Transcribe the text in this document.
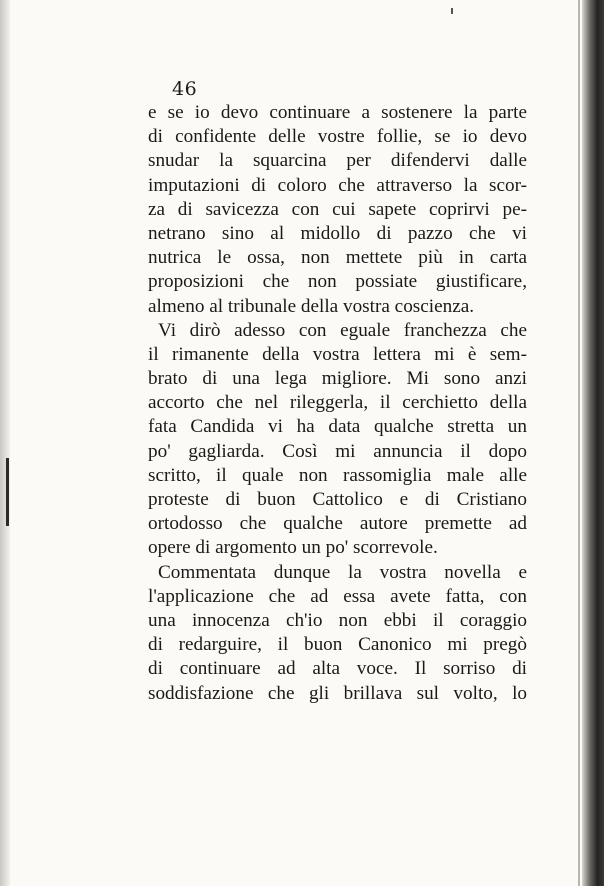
46
e se io devo continuare a sostenere la parte
di confidente delle vostre follie, se io devo
snudar la squarcina per difendervi dalle
imputazioni di coloro che attraverso la scor-
za di savicezza con cui sapete coprirvi pe-
netrano sino al midollo di pazzo che vi
nutrica le ossa, non mettete più in carta
proposizioni che non possiate giustificare,
almeno al tribunale della vostra coscienza.
Vi dirò adesso con eguale franchezza che
il rimanente della vostra lettera mi è sem-
brato di una lega migliore. Mi sono anzi
accorto che nel rileggerla, il cerchietto della
fata Candida vi ha data qualche stretta un
po' gagliarda. Così mi annuncia il dopo
scritto, il quale non rassomiglia male alle
proteste di buon Cattolico e di Cristiano
ortodosso che qualche autore premette ad
opere di argomento un po' scorrevole.
Commentata dunque la vostra novella e
l'applicazione che ad essa avete fatta, con
una innocenza ch'io non ebbi il coraggio
di redarguire, il buon Canonico mi pregò
di continuare ad alta voce. Il sorriso di
soddisfazione che gli brillava sul volto, lo
